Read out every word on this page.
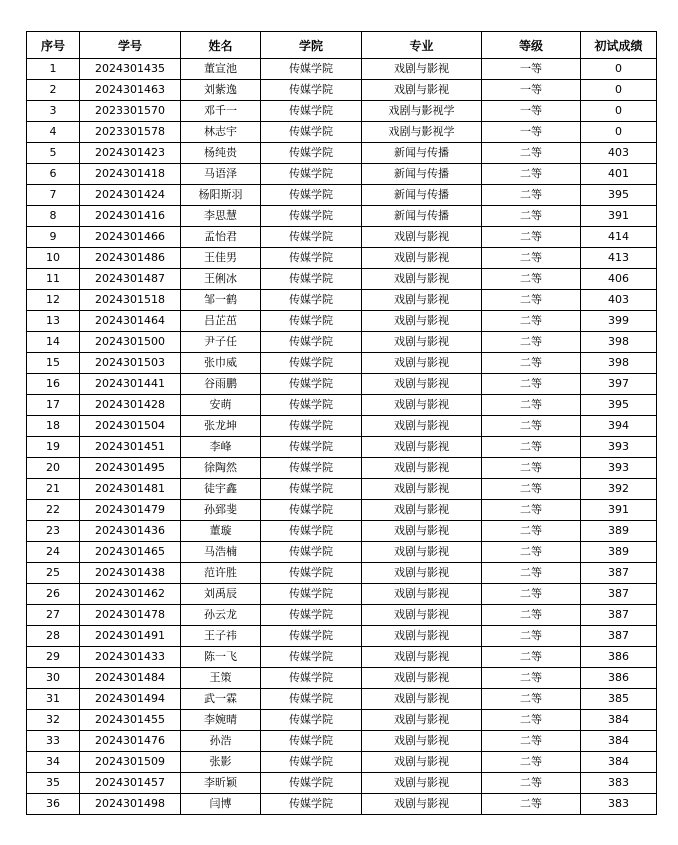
序号	学号	姓名	学院	专业	等级	初试成绩
1	2024301435	董宣池	传媒学院	戏剧与影视	一等	0
2	2024301463	刘紫逸	传媒学院	戏剧与影视	一等	0
3	2023301570	邓千一	传媒学院	戏剧与影视学	一等	0
4	2023301578	林志宇	传媒学院	戏剧与影视学	一等	0
5	2024301423	杨纯贵	传媒学院	新闻与传播	二等	403
6	2024301418	马语泽	传媒学院	新闻与传播	二等	401
7	2024301424	杨阳斯羽	传媒学院	新闻与传播	二等	395
8	2024301416	李思慧	传媒学院	新闻与传播	二等	391
9	2024301466	孟怡君	传媒学院	戏剧与影视	二等	414
10	2024301486	王佳男	传媒学院	戏剧与影视	二等	413
11	2024301487	王俐冰	传媒学院	戏剧与影视	二等	406
12	2024301518	邹一鹤	传媒学院	戏剧与影视	二等	403
13	2024301464	吕芷茁	传媒学院	戏剧与影视	二等	399
14	2024301500	尹子任	传媒学院	戏剧与影视	二等	398
15	2024301503	张巾威	传媒学院	戏剧与影视	二等	398
16	2024301441	谷雨鹏	传媒学院	戏剧与影视	二等	397
17	2024301428	安萌	传媒学院	戏剧与影视	二等	395
18	2024301504	张龙坤	传媒学院	戏剧与影视	二等	394
19	2024301451	李峰	传媒学院	戏剧与影视	二等	393
20	2024301495	徐陶然	传媒学院	戏剧与影视	二等	393
21	2024301481	徒宇鑫	传媒学院	戏剧与影视	二等	392
22	2024301479	孙郅斐	传媒学院	戏剧与影视	二等	391
23	2024301436	董璇	传媒学院	戏剧与影视	二等	389
24	2024301465	马浩楠	传媒学院	戏剧与影视	二等	389
25	2024301438	范许胜	传媒学院	戏剧与影视	二等	387
26	2024301462	刘禹辰	传媒学院	戏剧与影视	二等	387
27	2024301478	孙云龙	传媒学院	戏剧与影视	二等	387
28	2024301491	王子祎	传媒学院	戏剧与影视	二等	387
29	2024301433	陈一飞	传媒学院	戏剧与影视	二等	386
30	2024301484	王策	传媒学院	戏剧与影视	二等	386
31	2024301494	武一霖	传媒学院	戏剧与影视	二等	385
32	2024301455	李婉晴	传媒学院	戏剧与影视	二等	384
33	2024301476	孙浩	传媒学院	戏剧与影视	二等	384
34	2024301509	张影	传媒学院	戏剧与影视	二等	384
35	2024301457	李昕颖	传媒学院	戏剧与影视	二等	383
36	2024301498	闫博	传媒学院	戏剧与影视	二等	383
